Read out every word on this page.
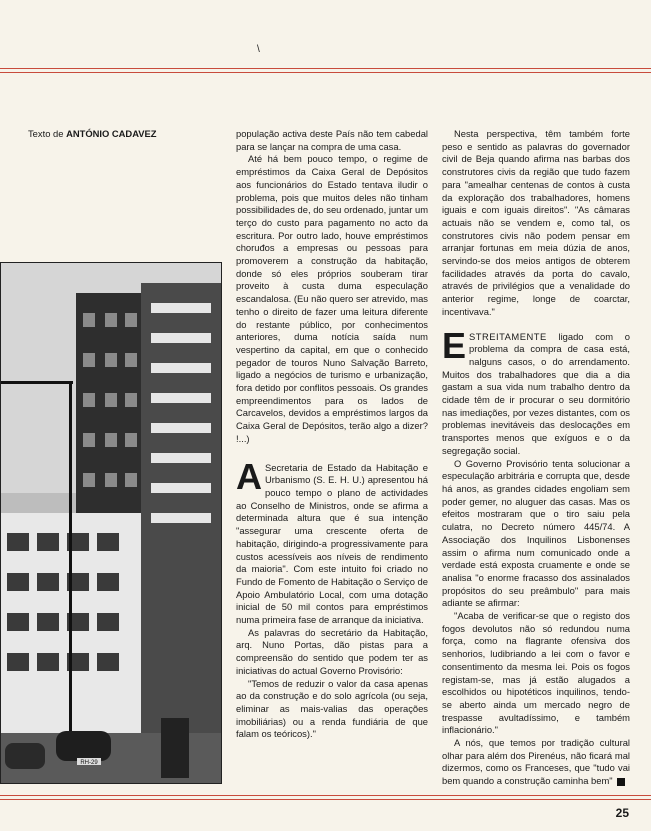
\
Texto de ANTÓNIO CADAVEZ
RH-29

população activa deste País não tem cabedal para se lançar na compra de uma casa.

Até há bem pouco tempo, o regime de empréstimos da Caixa Geral de Depósitos aos funcionários do Estado tentava iludir o problema, pois que muitos deles não tinham possibilidades de, do seu ordenado, juntar um terço do custo para pagamento no acto da escritura. Por outro lado, houve empréstimos choruđos a empresas ou pessoas para promoverem a construção da habitação, donde só eles próprios souberam tirar proveito à custa duma especulação escandalosa. (Eu não quero ser atrevido, mas tenho o direito de fazer uma leitura diferente do restante público, por conhecimentos anteriores, duma notícia saída num vespertino da capital, em que o conhecido pegador de touros Nuno Salvação Barreto, ligado a negócios de turismo e urbanização, fora detido por conflitos pessoais. Os grandes empreendimentos para os lados de Carcavelos, devidos a empréstimos largos da Caixa Geral de Depósitos, terão algo a dizer? !...)

A Secretaria de Estado da Habitação e Urbanismo (S. E. H. U.) apresentou há pouco tempo o plano de actividades ao Conselho de Ministros, onde se afirma a determinada altura que é sua intenção "assegurar uma crescente oferta de habitação, dirigindo-a progressivamente para custos acessíveis aos níveis de rendimento da maioria". Com este intuito foi criado no Fundo de Fomento de Habitação o Serviço de Apoio Ambulatório Local, com uma dotação inicial de 50 mil contos para empréstimos numa primeira fase de arranque da iniciativa.

As palavras do secretário da Habitação, arq. Nuno Portas, dão pistas para a compreensão do sentido que podem ter as iniciativas do actual Governo Provisório:

"Temos de reduzir o valor da casa apenas ao da construção e do solo agrícola (ou seja, eliminar as mais-valias das operações imobiliárias) ou a renda fundiária de que falam os teóricos)."

Nesta perspectiva, têm também forte peso e sentido as palavras do governador civil de Beja quando afirma nas barbas dos construtores civis da região que tudo fazem para "amealhar centenas de contos à custa da exploração dos trabalhadores, homens iguais e com iguais direitos". "As câmaras actuais não se vendem e, como tal, os construtores civis não podem pensar em arranjar fortunas em meia dúzia de anos, servindo-se dos meios antigos de obterem facilidades através da porta do cavalo, através de privilégios que a venalidade do anterior regime, longe de coarctar, incentivava."

ESTREITAMENTE ligado com o problema da compra de casa está, nalguns casos, o do arrendamento. Muitos dos trabalhadores que dia a dia gastam a sua vida num trabalho dentro da cidade têm de ir procurar o seu dormitório nas imediações, por vezes distantes, com os problemas inevitáveis das deslocações em transportes menos que exíguos e o da segregação social.

O Governo Provisório tenta solucionar a especulação arbitrária e corrupta que, desde há anos, as grandes cidades engoliam sem poder gemer, no aluguer das casas. Mas os efeitos mostraram que o tiro saiu pela culatra, no Decreto número 445/74. A Associação dos Inquilinos Lisbonenses assim o afirma num comunicado onde a verdade está exposta cruamente e onde se analisa "o enorme fracasso dos assinalados propósitos do seu preâmbulo" para mais adiante se afirmar:

"Acaba de verificar-se que o registo dos fogos devolutos não só redundou numa força, como na flagrante ofensiva dos senhorios, ludibriando a lei com o favor e consentimento da mesma lei. Pois os fogos registam-se, mas já estão alugados a escolhidos ou hipotéticos inquilinos, tendo-se aberto ainda um mercado negro de trespasse avultadíssimo, e também inflacionário."

A nós, que temos por tradição cultural olhar para além dos Pirenéus, não ficará mal dizermos, como os Franceses, que "tudo vai bem quando a construção caminha bem"

25
